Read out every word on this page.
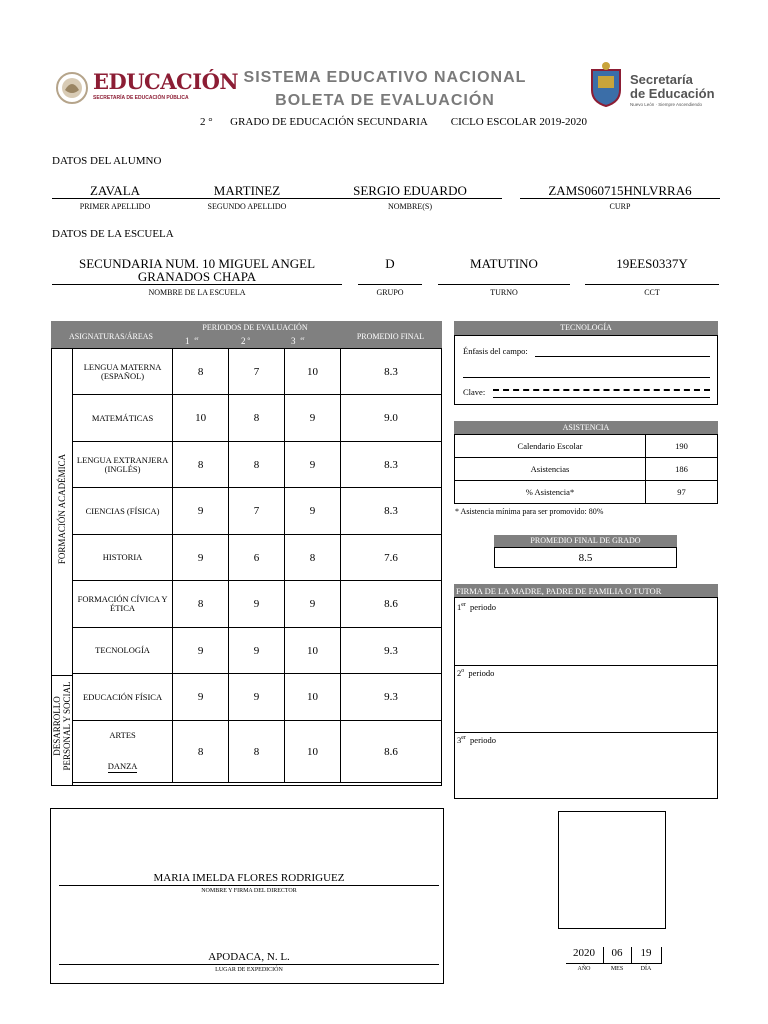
EDUCACIÓN
SECRETARÍA DE EDUCACIÓN PÚBLICA
SISTEMA EDUCATIVO NACIONAL
BOLETA DE EVALUACIÓN
2 ° GRADO DE EDUCACIÓN SECUNDARIA CICLO ESCOLAR 2019-2020
Secretaría
de Educación
Nuevo León · Siempre Ascendiendo
DATOS DEL ALUMNO
ZAVALA	MARTINEZ	SERGIO EDUARDO	ZAMS060715HNLVRRA6
PRIMER APELLIDO	SEGUNDO APELLIDO	NOMBRE(S)	CURP
DATOS DE LA ESCUELA
SECUNDARIA NUM. 10 MIGUEL ANGEL
GRANADOS CHAPA
D	MATUTINO	19EES0337Y
NOMBRE DE LA ESCUELA	GRUPO	TURNO	CCT
ASIGNATURAS/ÁREAS
PERIODOS DE EVALUACIÓN
1 $^{er}$	2 $^o$	3 $^{er}$	PROMEDIO FINAL
FORMACIÓN ACADÉMICA
DESARROLLO PERSONAL Y SOCIAL
LENGUA MATERNA (ESPAÑOL)	8	7	10	8.3

MATEMÁTICAS	10	8	9	9.0

LENGUA EXTRANJERA (INGLÉS)	8	8	9	8.3

CIENCIAS (FÍSICA)	9	7	9	8.3

HISTORIA	9	6	8	7.6

FORMACIÓN CÍVICA Y ÉTICA	8	9	9	8.6

TECNOLOGÍA	9	9	10	9.3

EDUCACIÓN FÍSICA	9	9	10	9.3

ARTES
DANZA	8	8	10	8.6
TECNOLOGÍA
Énfasis del campo:
Clave:
ASISTENCIA
Calendario Escolar	190
Asistencias	186
% Asistencia*	97
* Asistencia mínima para ser promovido: 80%
PROMEDIO FINAL DE GRADO
8.5
FIRMA DE LA MADRE, PADRE DE FAMILIA O TUTOR
1er periodo
2$^o$ periodo
3er periodo
MARIA IMELDA FLORES RODRIGUEZ
NOMBRE Y FIRMA DEL DIRECTOR
APODACA, N. L.
LUGAR DE EXPEDICIÓN
2020	06	19
AÑO	MES	DÍA
